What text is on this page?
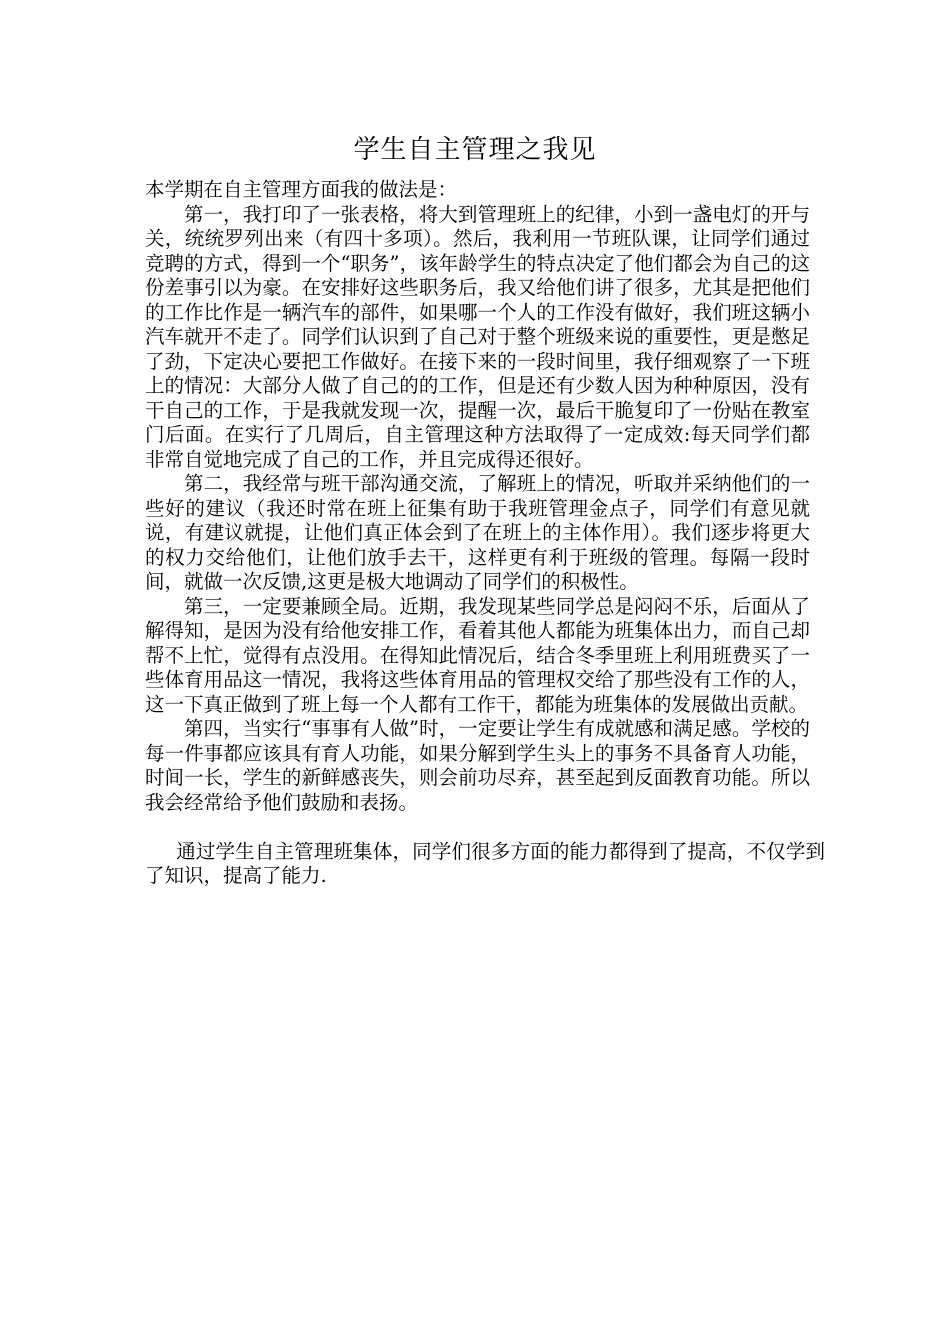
学生自主管理之我见

本学期在自主管理方面我的做法是：

第一，我打印了一张表格，将大到管理班上的纪律，小到一盏电灯的开与关，统统罗列出来（有四十多项）。然后，我利用一节班队课，让同学们通过竞聘的方式，得到一个“职务”，该年龄学生的特点决定了他们都会为自己的这份差事引以为豪。在安排好这些职务后，我又给他们讲了很多，尤其是把他们的工作比作是一辆汽车的部件，如果哪一个人的工作没有做好，我们班这辆小汽车就开不走了。同学们认识到了自己对于整个班级来说的重要性，更是憋足了劲，下定决心要把工作做好。在接下来的一段时间里，我仔细观察了一下班上的情况：大部分人做了自己的的工作，但是还有少数人因为种种原因，没有干自己的工作，于是我就发现一次，提醒一次，最后干脆复印了一份贴在教室门后面。在实行了几周后，自主管理这种方法取得了一定成效:每天同学们都非常自觉地完成了自己的工作，并且完成得还很好。

第二，我经常与班干部沟通交流，了解班上的情况，听取并采纳他们的一些好的建议（我还时常在班上征集有助于我班管理金点子，同学们有意见就说，有建议就提，让他们真正体会到了在班上的主体作用）。我们逐步将更大的权力交给他们，让他们放手去干，这样更有利于班级的管理。每隔一段时间，就做一次反馈,这更是极大地调动了同学们的积极性。

第三，一定要兼顾全局。近期，我发现某些同学总是闷闷不乐，后面从了解得知，是因为没有给他安排工作，看着其他人都能为班集体出力，而自己却帮不上忙，觉得有点没用。在得知此情况后，结合冬季里班上利用班费买了一些体育用品这一情况，我将这些体育用品的管理权交给了那些没有工作的人，这一下真正做到了班上每一个人都有工作干，都能为班集体的发展做出贡献。

第四，当实行“事事有人做”时，一定要让学生有成就感和满足感。学校的每一件事都应该具有育人功能，如果分解到学生头上的事务不具备育人功能，时间一长，学生的新鲜感丧失，则会前功尽弃，甚至起到反面教育功能。所以我会经常给予他们鼓励和表扬。

通过学生自主管理班集体，同学们很多方面的能力都得到了提高，不仅学到了知识，提高了能力.
